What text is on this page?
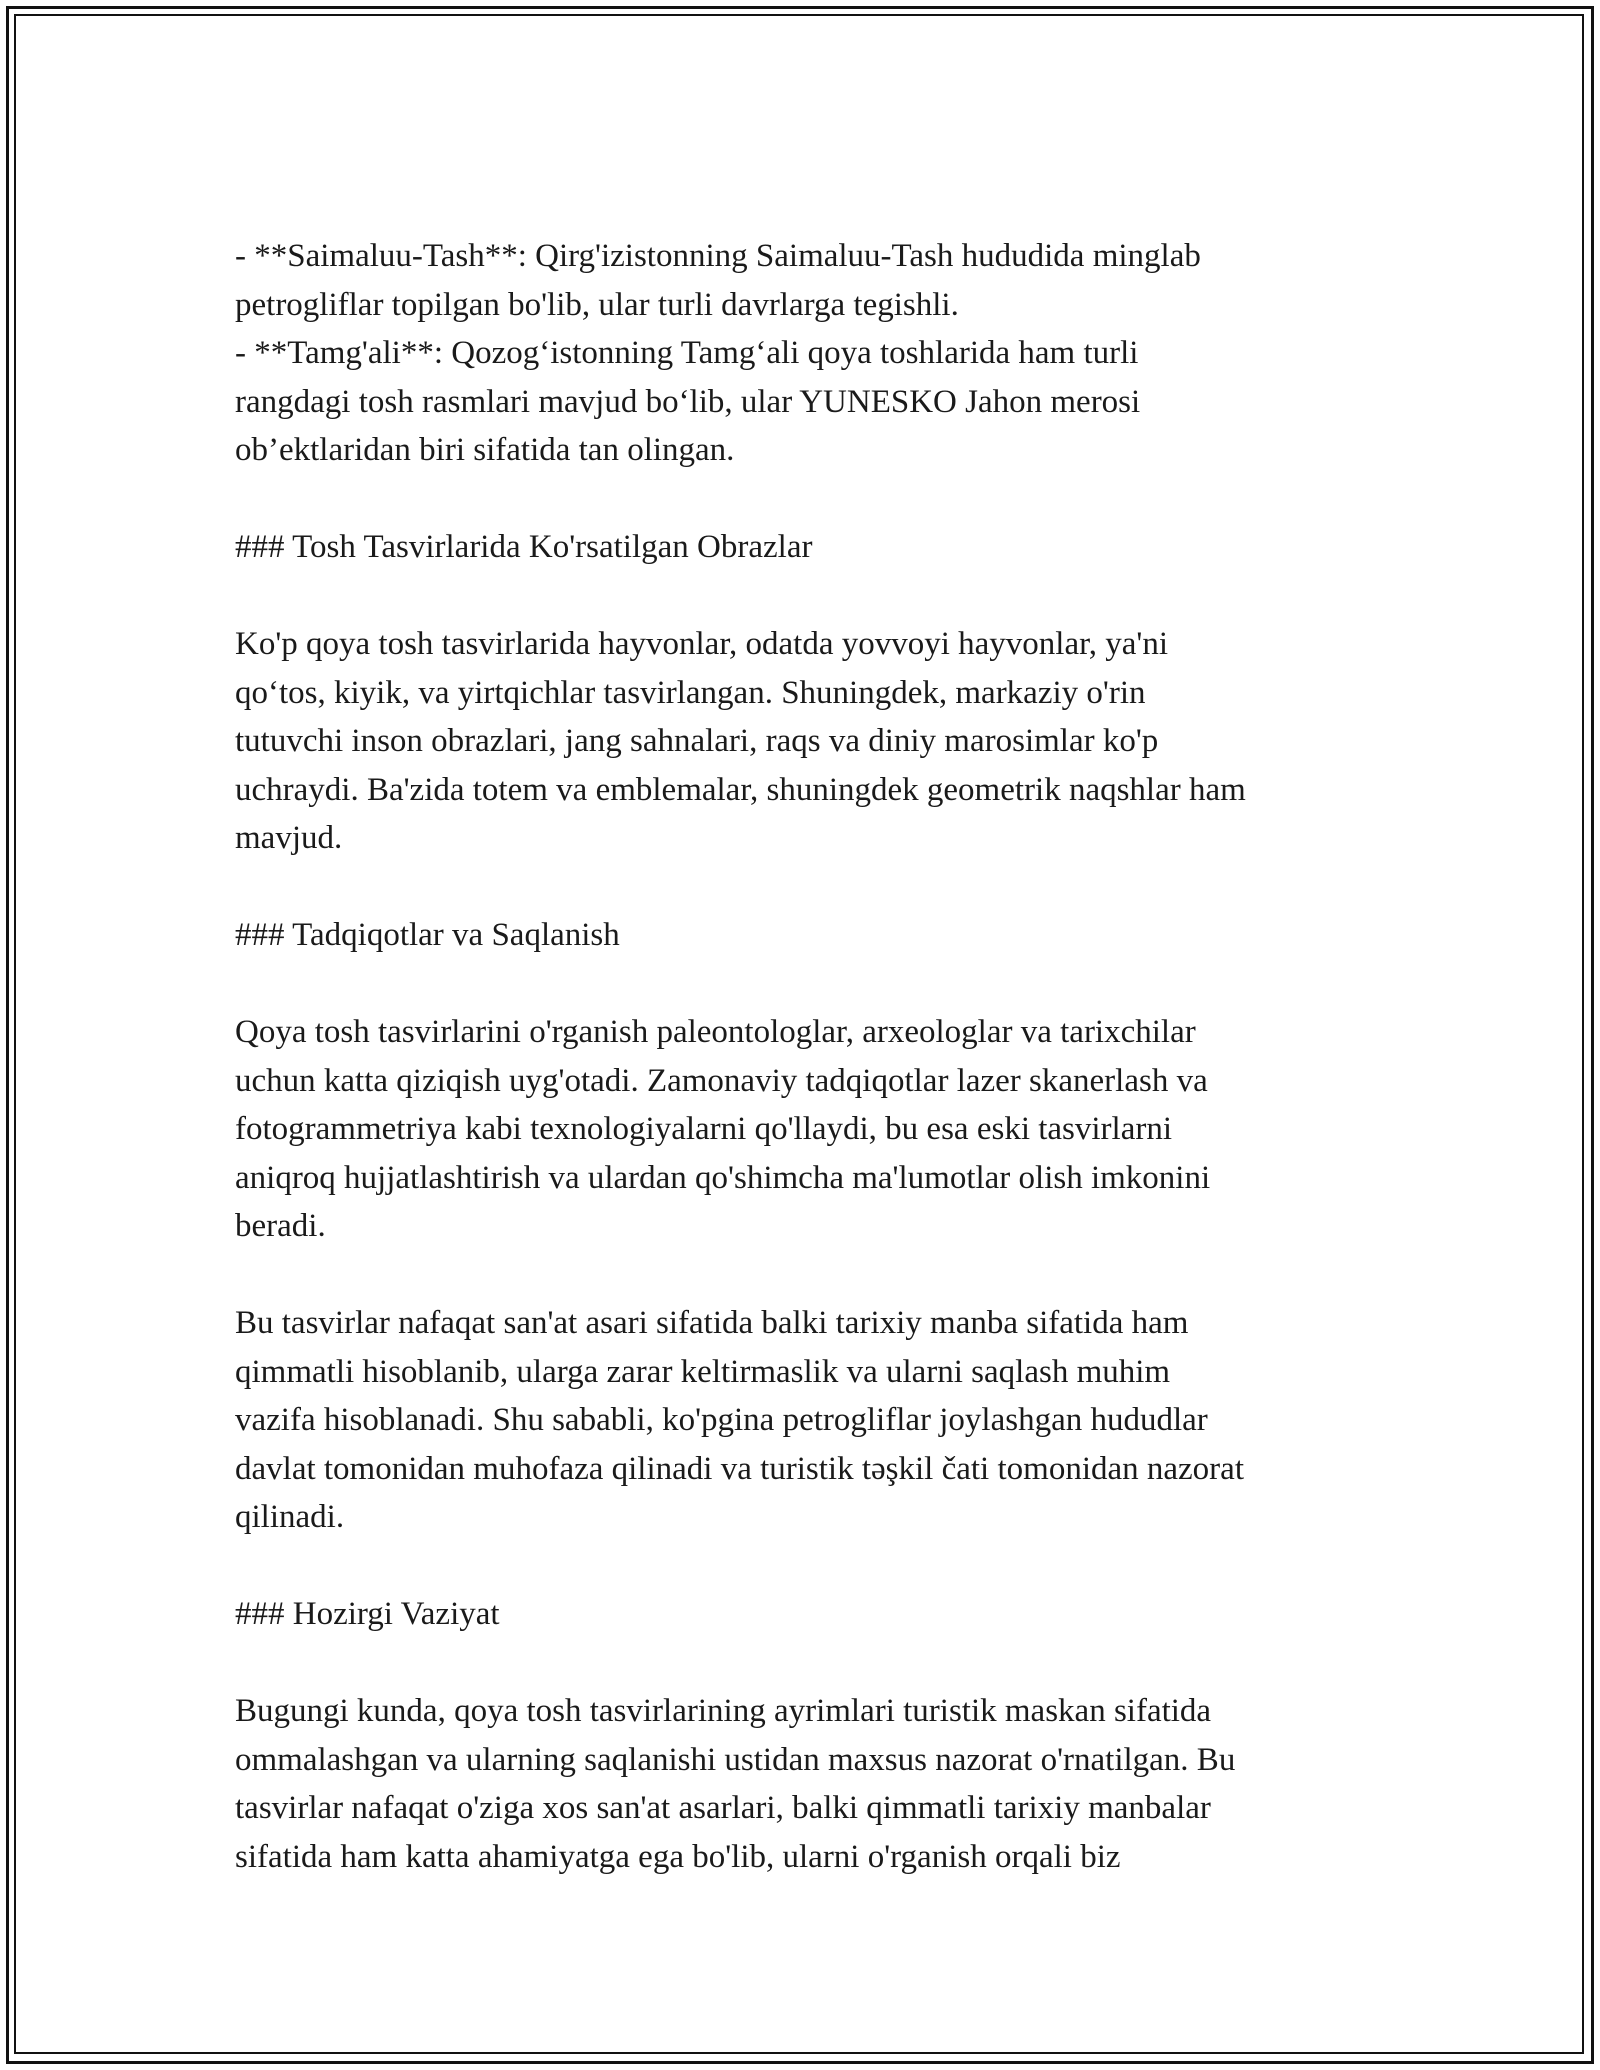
- **Saimaluu-Tash**: Qirg'izistonning Saimaluu-Tash hududida minglab
petrogliflar topilgan bo'lib, ular turli davrlarga tegishli.
- **Tamg'ali**: Qozogʻistonning Tamgʻali qoya toshlarida ham turli
rangdagi tosh rasmlari mavjud boʻlib, ular YUNESKO Jahon merosi
ob’ektlaridan biri sifatida tan olingan.

### Tosh Tasvirlarida Ko'rsatilgan Obrazlar

Ko'p qoya tosh tasvirlarida hayvonlar, odatda yovvoyi hayvonlar, ya'ni
qoʻtos, kiyik, va yirtqichlar tasvirlangan. Shuningdek, markaziy o'rin
tutuvchi inson obrazlari, jang sahnalari, raqs va diniy marosimlar ko'p
uchraydi. Ba'zida totem va emblemalar, shuningdek geometrik naqshlar ham
mavjud.

### Tadqiqotlar va Saqlanish

Qoya tosh tasvirlarini o'rganish paleontologlar, arxeologlar va tarixchilar
uchun katta qiziqish uyg'otadi. Zamonaviy tadqiqotlar lazer skanerlash va
fotogrammetriya kabi texnologiyalarni qo'llaydi, bu esa eski tasvirlarni
aniqroq hujjatlashtirish va ulardan qo'shimcha ma'lumotlar olish imkonini
beradi.

Bu tasvirlar nafaqat san'at asari sifatida balki tarixiy manba sifatida ham
qimmatli hisoblanib, ularga zarar keltirmaslik va ularni saqlash muhim
vazifa hisoblanadi. Shu sababli, ko'pgina petrogliflar joylashgan hududlar
davlat tomonidan muhofaza qilinadi va turistik təşkil čati tomonidan nazorat
qilinadi.

### Hozirgi Vaziyat

Bugungi kunda, qoya tosh tasvirlarining ayrimlari turistik maskan sifatida
ommalashgan va ularning saqlanishi ustidan maxsus nazorat o'rnatilgan. Bu
tasvirlar nafaqat o'ziga xos san'at asarlari, balki qimmatli tarixiy manbalar
sifatida ham katta ahamiyatga ega bo'lib, ularni o'rganish orqali biz
